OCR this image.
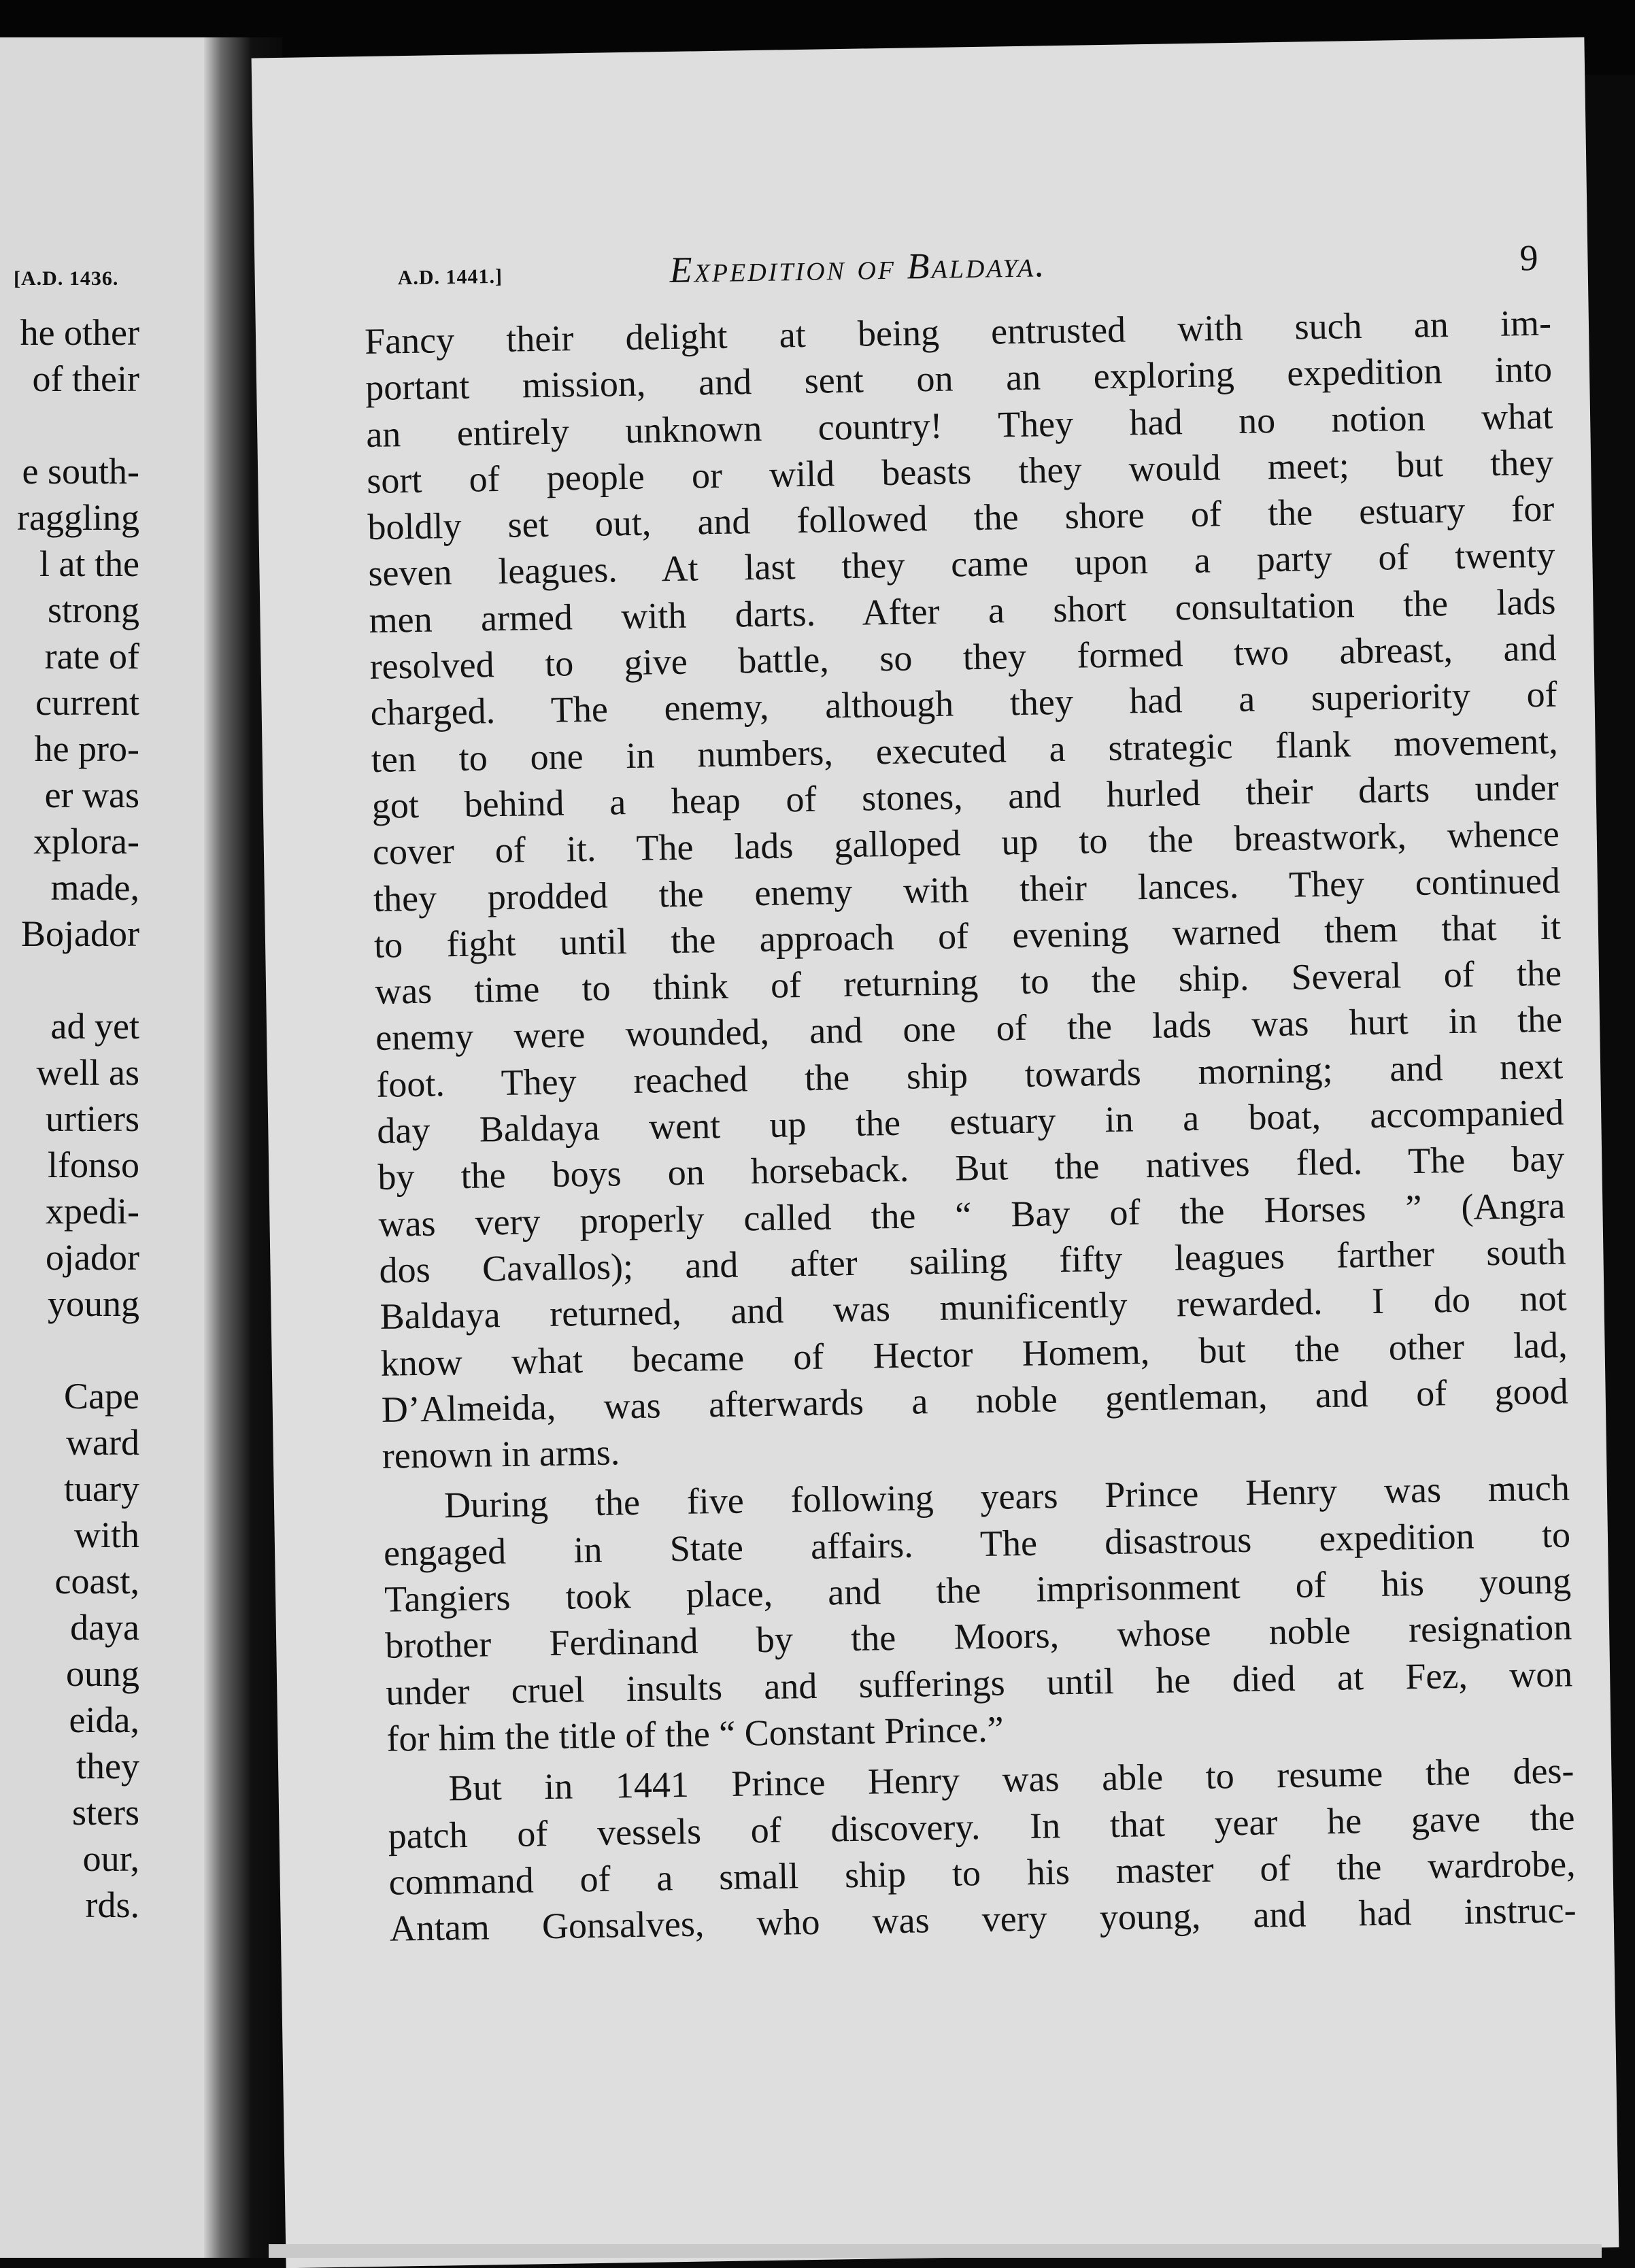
[A.D. 1436.
he other
of their
e south-
raggling
l at the
strong
rate of
current
he pro-
er was
xplora-
made,
Bojador
ad yet
well as
urtiers
lfonso
xpedi-
ojador
young
Cape
ward
tuary
with
coast,
daya
oung
eida,
they
sters
our,
rds.
A.D. 1441.]	Expedition of Baldaya.	9
Fancy their delight at being entrusted with such an im-
portant mission, and sent on an exploring expedition into
an entirely unknown country! They had no notion what
sort of people or wild beasts they would meet; but they
boldly set out, and followed the shore of the estuary for
seven leagues. At last they came upon a party of twenty
men armed with darts. After a short consultation the lads
resolved to give battle, so they formed two abreast, and
charged. The enemy, although they had a superiority of
ten to one in numbers, executed a strategic flank movement,
got behind a heap of stones, and hurled their darts under
cover of it. The lads galloped up to the breastwork, whence
they prodded the enemy with their lances. They continued
to fight until the approach of evening warned them that it
was time to think of returning to the ship. Several of the
enemy were wounded, and one of the lads was hurt in the
foot. They reached the ship towards morning; and next
day Baldaya went up the estuary in a boat, accompanied
by the boys on horseback. But the natives fled. The bay
was very properly called the “ Bay of the Horses ” (Angra
dos Cavallos); and after sailing fifty leagues farther south
Baldaya returned, and was munificently rewarded. I do not
know what became of Hector Homem, but the other lad,
D’Almeida, was afterwards a noble gentleman, and of good
renown in arms.
During the five following years Prince Henry was much
engaged in State affairs. The disastrous expedition to
Tangiers took place, and the imprisonment of his young
brother Ferdinand by the Moors, whose noble resignation
under cruel insults and sufferings until he died at Fez, won
for him the title of the “ Constant Prince.”
But in 1441 Prince Henry was able to resume the des-
patch of vessels of discovery. In that year he gave the
command of a small ship to his master of the wardrobe,
Antam Gonsalves, who was very young, and had instruc-
